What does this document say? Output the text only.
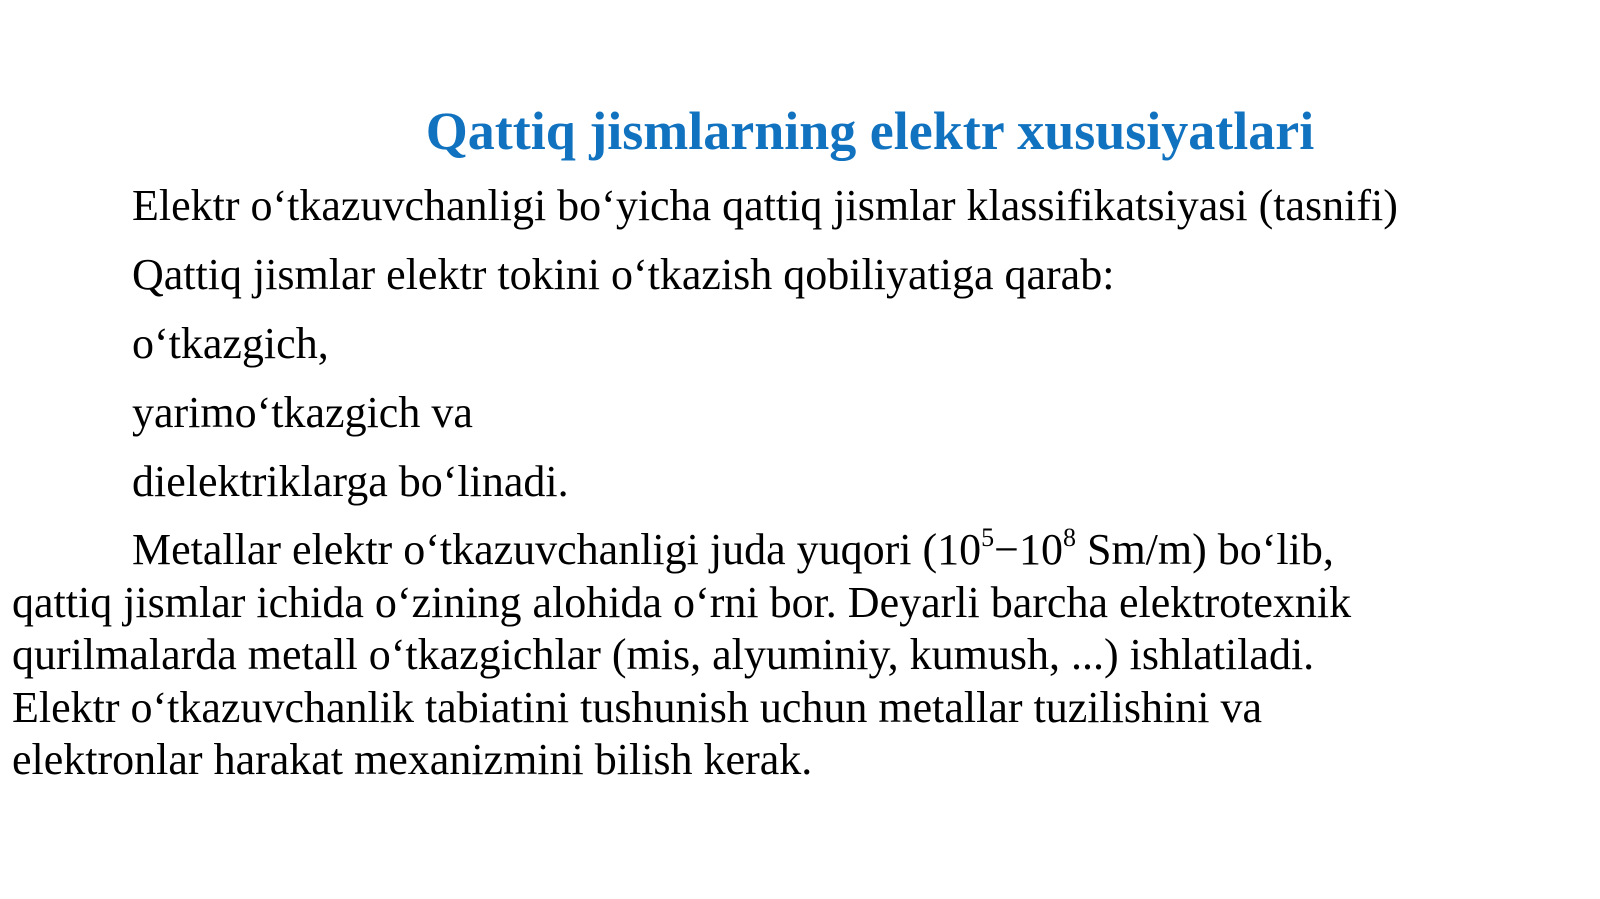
Qattiq jismlarning elektr xususiyatlari

Elektr o‘tkazuvchanligi bo‘yicha qattiq jismlar klassifikatsiyasi (tasnifi)

Qattiq jismlar elektr tokini o‘tkazish qobiliyatiga qarab:

o‘tkazgich,

yarimo‘tkazgich va

dielektriklarga bo‘linadi.

Metallar elektr o‘tkazuvchanligi juda yuqori ($10^5-10^8$ Sm/m) bo‘lib,
qattiq jismlar ichida o‘zining alohida o‘rni bor. Deyarli barcha elektrotexnik
qurilmalarda metall o‘tkazgichlar (mis, alyuminiy, kumush, ...) ishlatiladi.
Elektr o‘tkazuvchanlik tabiatini tushunish uchun metallar tuzilishini va
elektronlar harakat mexanizmini bilish kerak.
